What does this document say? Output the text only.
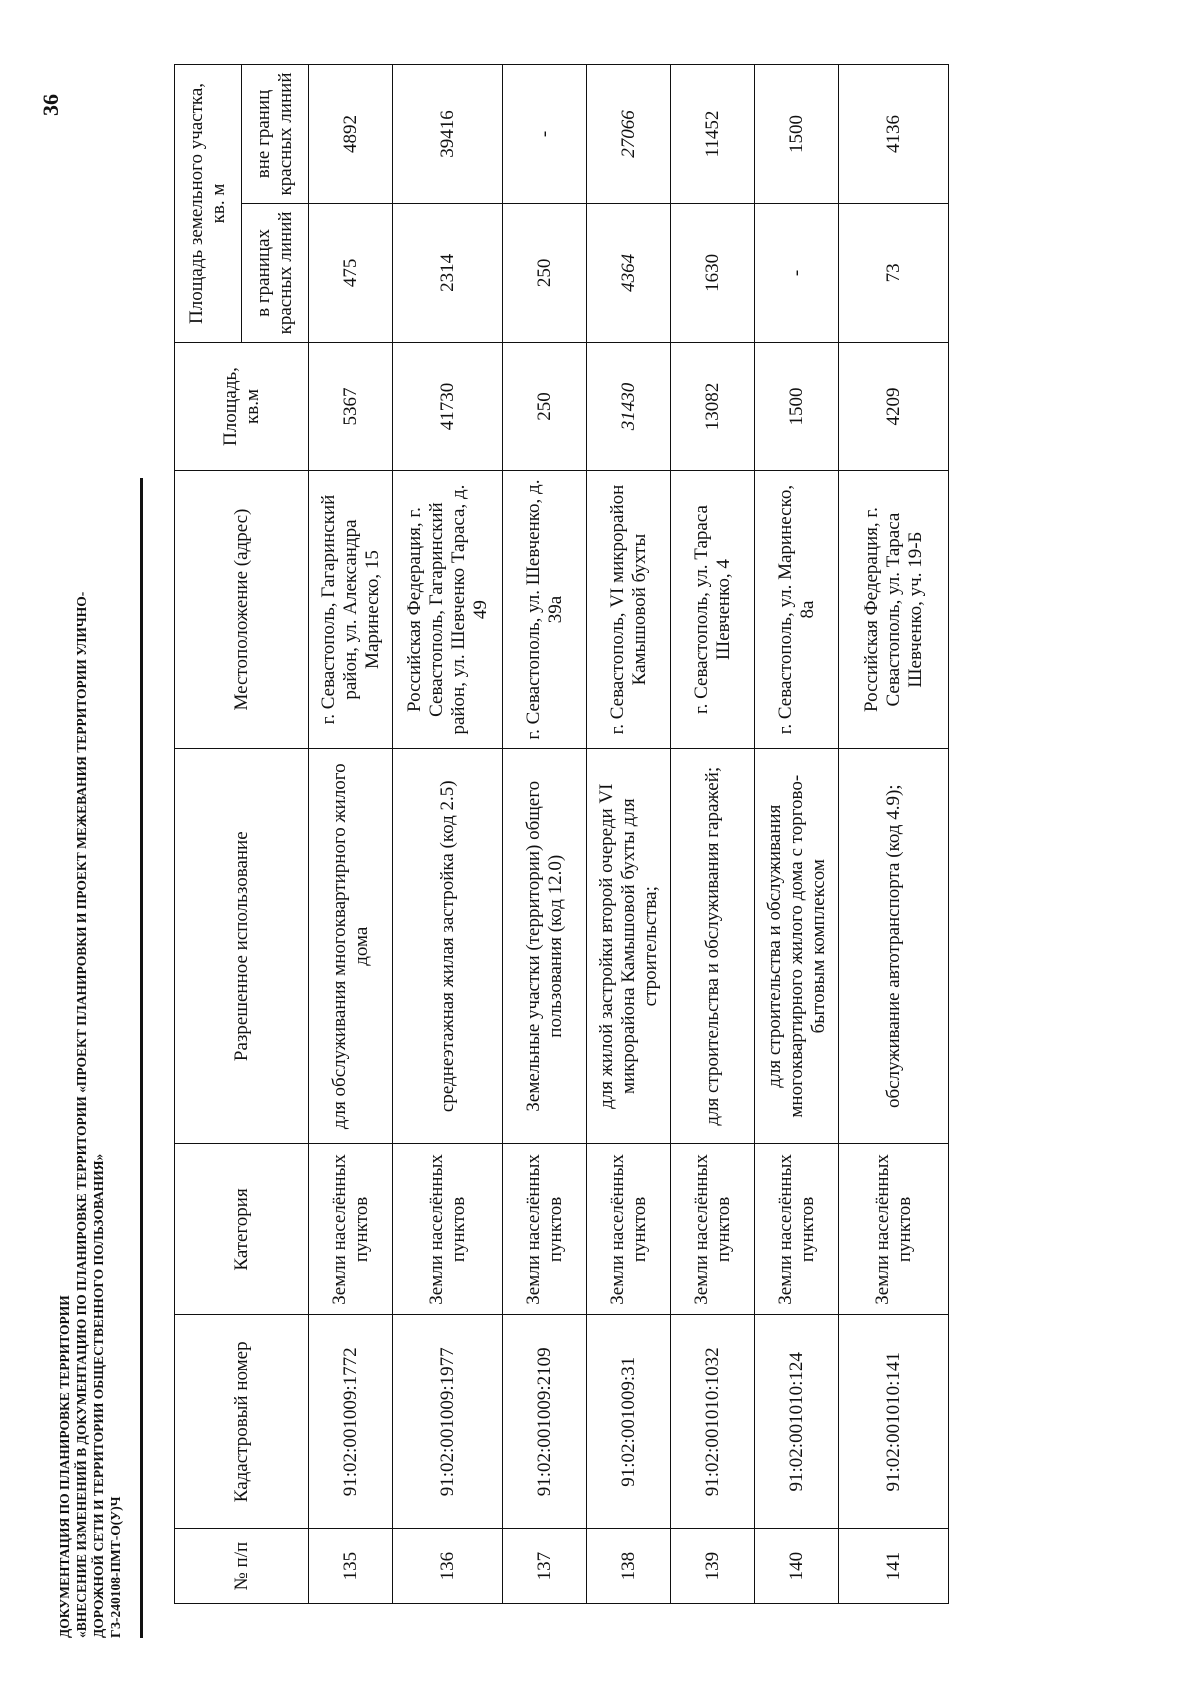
36
ДОКУМЕНТАЦИЯ ПО ПЛАНИРОВКЕ ТЕРРИТОРИИ «ВНЕСЕНИЕ ИЗМЕНЕНИЙ В ДОКУМЕНТАЦИЮ ПО ПЛАНИРОВКЕ ТЕРРИТОРИИ «ПРОЕКТ ПЛАНИРОВКИ И ПРОЕКТ МЕЖЕВАНИЯ ТЕРРИТОРИИ УЛИЧНО- ДОРОЖНОЙ СЕТИ И ТЕРРИТОРИИ ОБЩЕСТВЕННОГО ПОЛЬЗОВАНИЯ» ГЗ-240108-ПМТ-О(У)Ч	№ п/п	Кадастровый номер	Категория	Разрешенное использование	Местоположение (адрес)	Площадь, кв.м	Площадь земельного участка, кв. м	
						в границах красных линий	вне границ красных линий
135	91:02:001009:1772	Земли населённых пунктов	для обслуживания многоквартирного жилого дома	г. Севастополь, Гагаринский район, ул. Александра Маринеско, 15	5367	475	4892
136	91:02:001009:1977	Земли населённых пунктов	среднеэтажная жилая застройка (код 2.5)	Российская Федерация, г. Севастополь, Гагаринский район, ул. Шевченко Тараса, д. 49	41730	2314	39416
137	91:02:001009:2109	Земли населённых пунктов	Земельные участки (территории) общего пользования (код 12.0)	г. Севастополь, ул. Шевченко, д. 39а	250	250	-
138	91:02:001009:31	Земли населённых пунктов	для жилой застройки второй очереди VI микрорайона Камышовой бухты для строительства;	г. Севастополь, VI микрорайон Камышовой бухты	31430	4364	27066
139	91:02:001010:1032	Земли населённых пунктов	для строительства и обслуживания гаражей;	г. Севастополь, ул. Тараса Шевченко, 4	13082	1630	11452
140	91:02:001010:124	Земли населённых пунктов	для строительства и обслуживания многоквартирного жилого дома с торгово-бытовым комплексом	г. Севастополь, ул. Маринеско, 8а	1500	-	1500
141	91:02:001010:141	Земли населённых пунктов	обслуживание автотранспорта (код 4.9);	Российская Федерация, г. Севастополь, ул. Тараса Шевченко, уч. 19-Б	4209	73	4136
